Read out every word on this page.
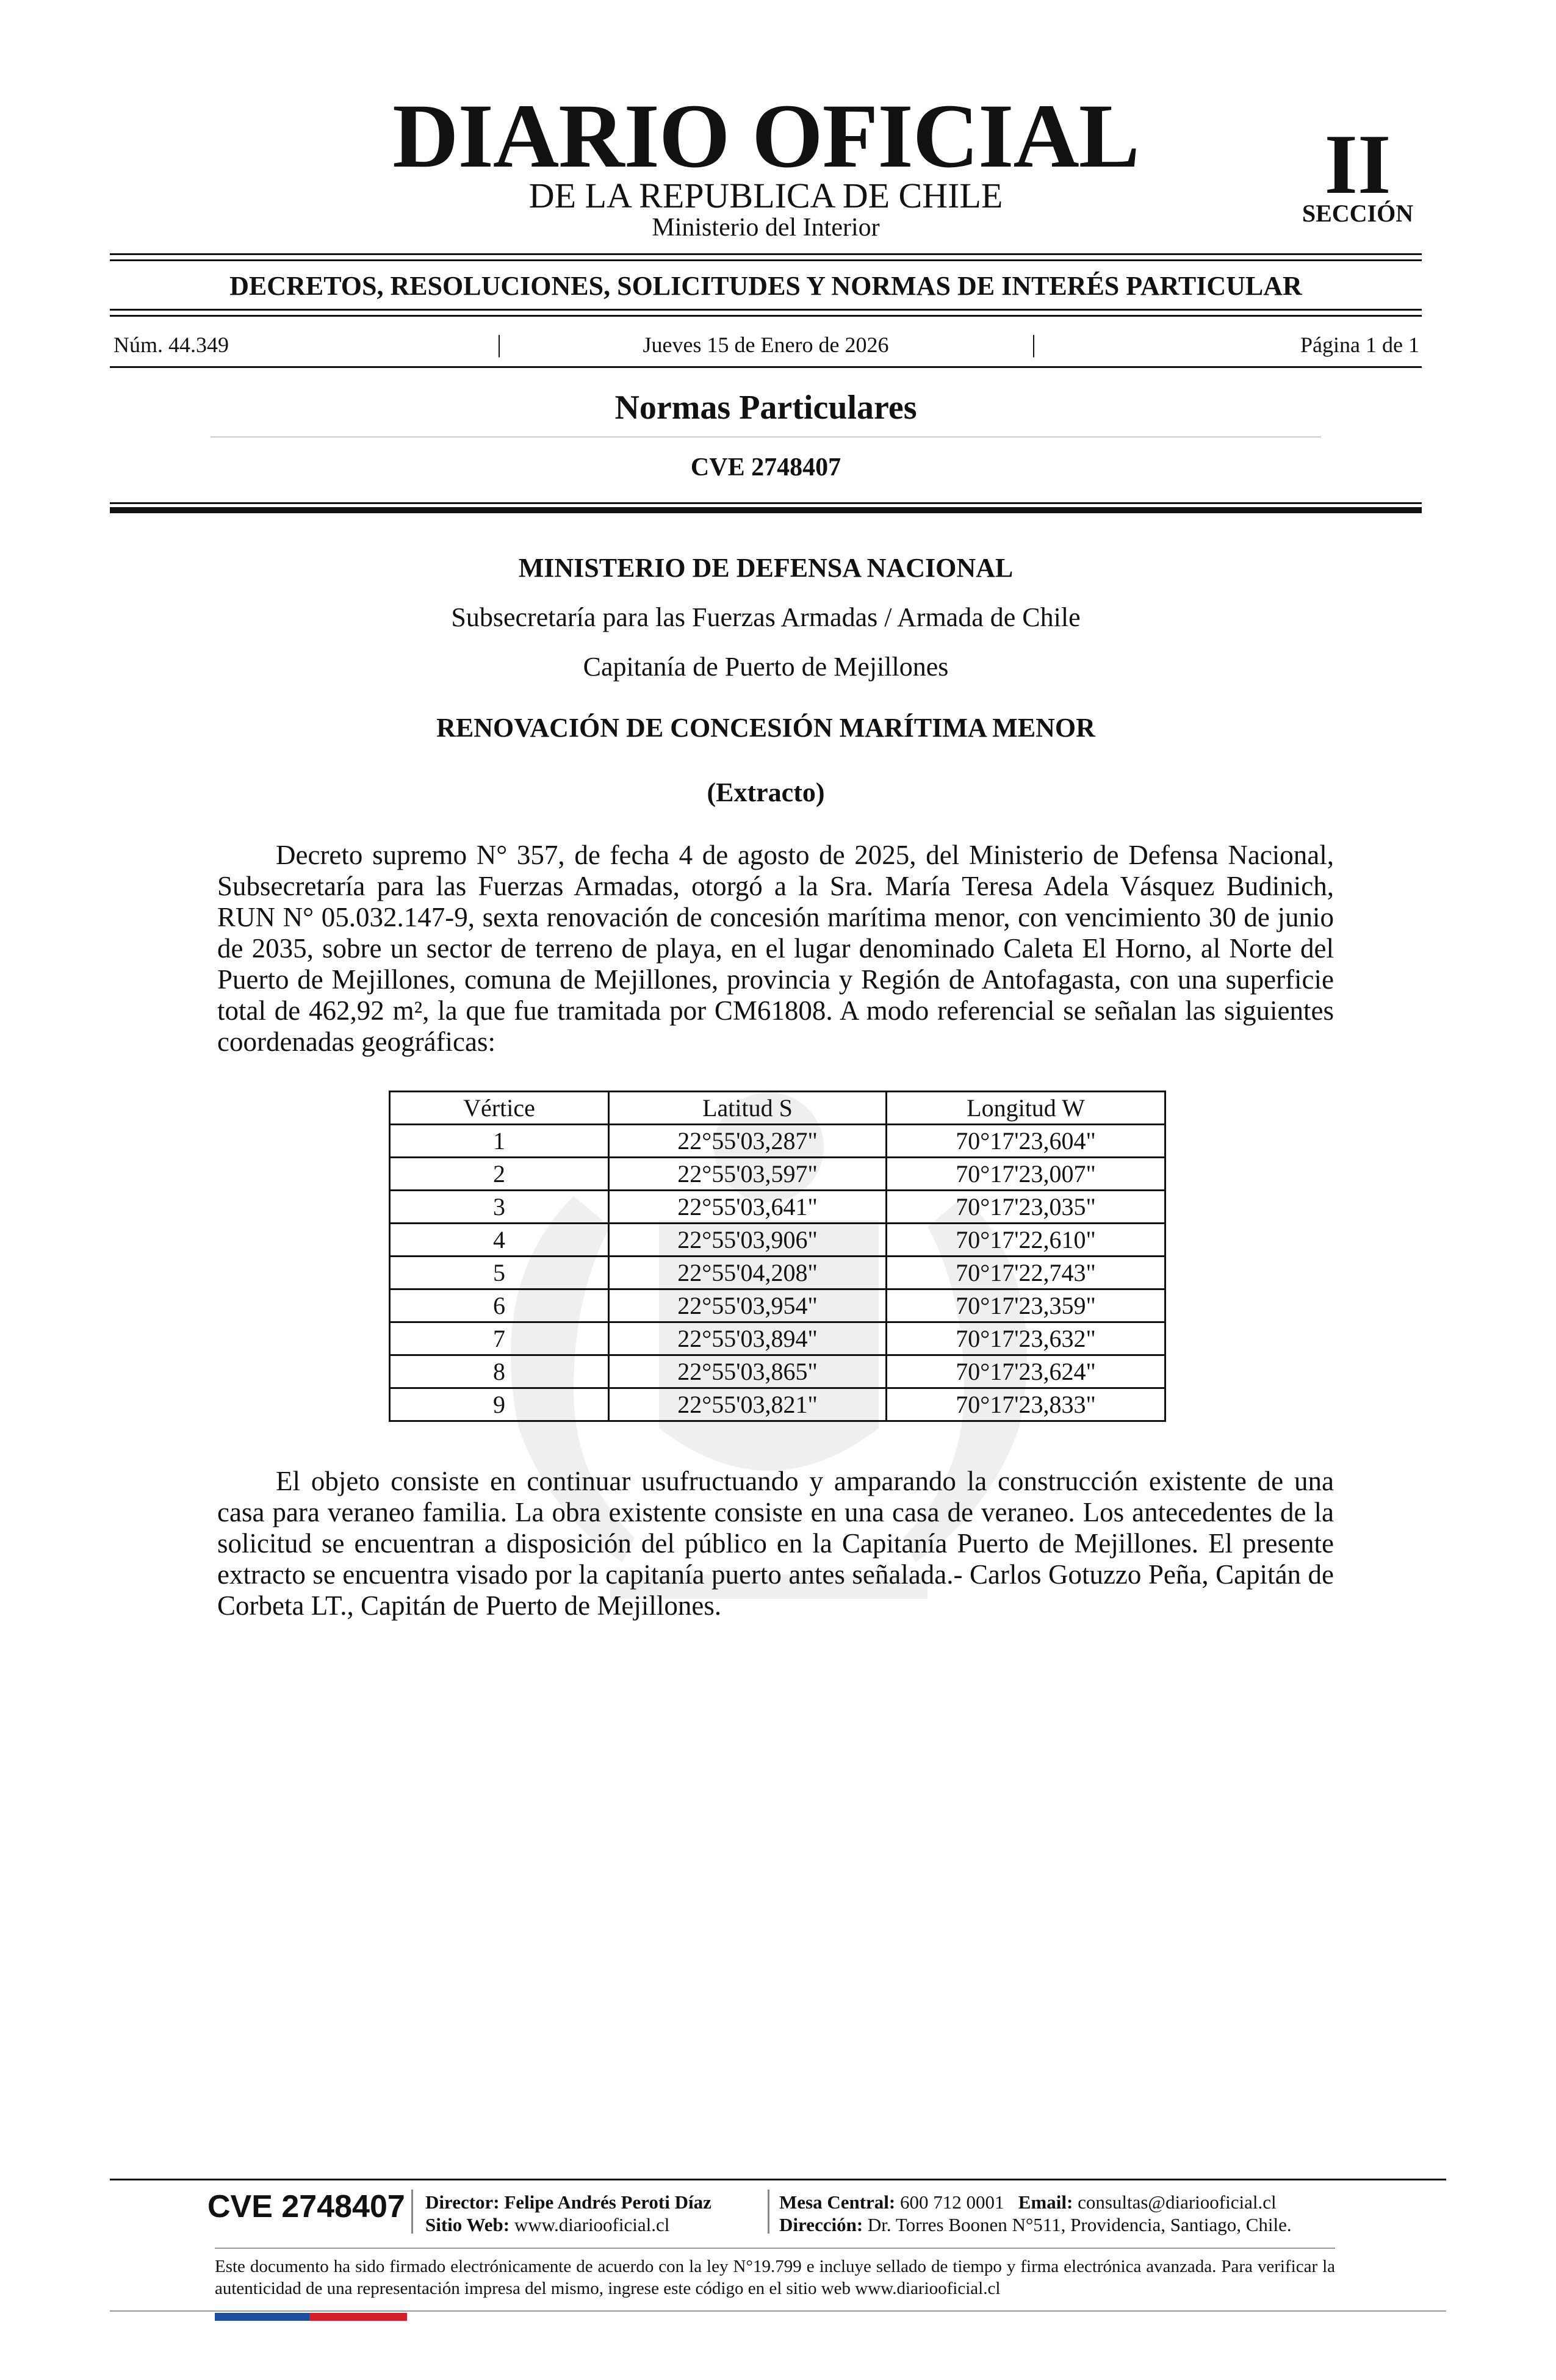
DIARIO OFICIAL
DE LA REPUBLICA DE CHILE
Ministerio del Interior
II
SECCIÓN
DECRETOS, RESOLUCIONES, SOLICITUDES Y NORMAS DE INTERÉS PARTICULAR
Núm. 44.349	|	Jueves 15 de Enero de 2026	|	Página 1 de 1
Normas Particulares
CVE 2748407
MINISTERIO DE DEFENSA NACIONAL
Subsecretaría para las Fuerzas Armadas / Armada de Chile
Capitanía de Puerto de Mejillones
RENOVACIÓN DE CONCESIÓN MARÍTIMA MENOR
(Extracto)
Decreto supremo N° 357, de fecha 4 de agosto de 2025, del Ministerio de Defensa Nacional, Subsecretaría para las Fuerzas Armadas, otorgó a la Sra. María Teresa Adela Vásquez Budinich, RUN N° 05.032.147-9, sexta renovación de concesión marítima menor, con vencimiento 30 de junio de 2035, sobre un sector de terreno de playa, en el lugar denominado Caleta El Horno, al Norte del Puerto de Mejillones, comuna de Mejillones, provincia y Región de Antofagasta, con una superficie total de 462,92 m², la que fue tramitada por CM61808. A modo referencial se señalan las siguientes coordenadas geográficas:
Vértice	Latitud S	Longitud W
1	22°55'03,287"	70°17'23,604"
2	22°55'03,597"	70°17'23,007"
3	22°55'03,641"	70°17'23,035"
4	22°55'03,906"	70°17'22,610"
5	22°55'04,208"	70°17'22,743"
6	22°55'03,954"	70°17'23,359"
7	22°55'03,894"	70°17'23,632"
8	22°55'03,865"	70°17'23,624"
9	22°55'03,821"	70°17'23,833"
El objeto consiste en continuar usufructuando y amparando la construcción existente de una casa para veraneo familia. La obra existente consiste en una casa de veraneo. Los antecedentes de la solicitud se encuentran a disposición del público en la Capitanía Puerto de Mejillones. El presente extracto se encuentra visado por la capitanía puerto antes señalada.- Carlos Gotuzzo Peña, Capitán de Corbeta LT., Capitán de Puerto de Mejillones.
CVE 2748407 Director: Felipe Andrés Peroti Díaz
Sitio Web: www.diariooficial.cl
Mesa Central: 600 712 0001 Email: consultas@diariooficial.cl
Dirección: Dr. Torres Boonen N°511, Providencia, Santiago, Chile.
Este documento ha sido firmado electrónicamente de acuerdo con la ley N°19.799 e incluye sellado de tiempo y firma electrónica avanzada. Para verificar la autenticidad de una representación impresa del mismo, ingrese este código en el sitio web www.diariooficial.cl
